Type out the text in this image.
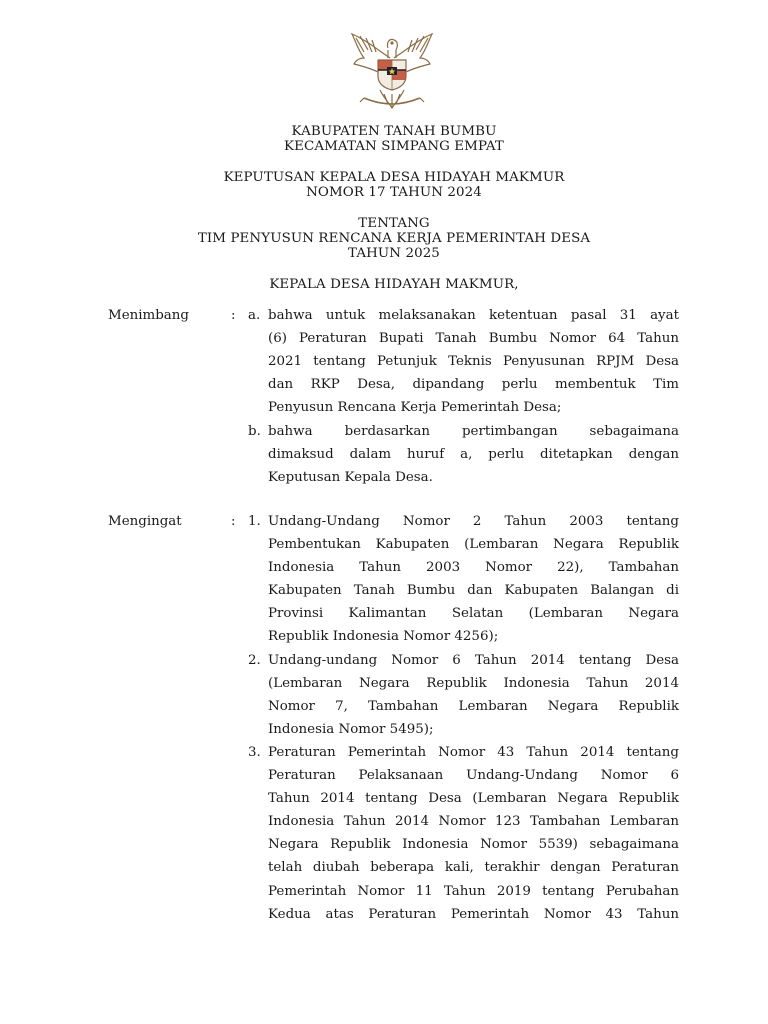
KABUPATEN TANAH BUMBU
KECAMATAN SIMPANG EMPAT
KEPUTUSAN KEPALA DESA HIDAYAH MAKMUR
NOMOR 17 TAHUN 2024
TENTANG
TIM PENYUSUN RENCANA KERJA PEMERINTAH DESA
TAHUN 2025
KEPALA DESA HIDAYAH MAKMUR,
Menimbang	: a. bahwa untuk melaksanakan ketentuan pasal 31 ayat
(6) Peraturan Bupati Tanah Bumbu Nomor 64 Tahun
2021 tentang Petunjuk Teknis Penyusunan RPJM Desa
dan RKP Desa, dipandang perlu membentuk Tim
Penyusun Rencana Kerja Pemerintah Desa;
b. bahwa berdasarkan pertimbangan sebagaimana
dimaksud dalam huruf a, perlu ditetapkan dengan
Keputusan Kepala Desa.
Mengingat	: 1. Undang-Undang Nomor 2 Tahun 2003 tentang
Pembentukan Kabupaten (Lembaran Negara Republik
Indonesia Tahun 2003 Nomor 22), Tambahan
Kabupaten Tanah Bumbu dan Kabupaten Balangan di
Provinsi Kalimantan Selatan (Lembaran Negara
Republik Indonesia Nomor 4256);
2. Undang-undang Nomor 6 Tahun 2014 tentang Desa
(Lembaran Negara Republik Indonesia Tahun 2014
Nomor 7, Tambahan Lembaran Negara Republik
Indonesia Nomor 5495);
3. Peraturan Pemerintah Nomor 43 Tahun 2014 tentang
Peraturan Pelaksanaan Undang-Undang Nomor 6
Tahun 2014 tentang Desa (Lembaran Negara Republik
Indonesia Tahun 2014 Nomor 123 Tambahan Lembaran
Negara Republik Indonesia Nomor 5539) sebagaimana
telah diubah beberapa kali, terakhir dengan Peraturan
Pemerintah Nomor 11 Tahun 2019 tentang Perubahan
Kedua atas Peraturan Pemerintah Nomor 43 Tahun
